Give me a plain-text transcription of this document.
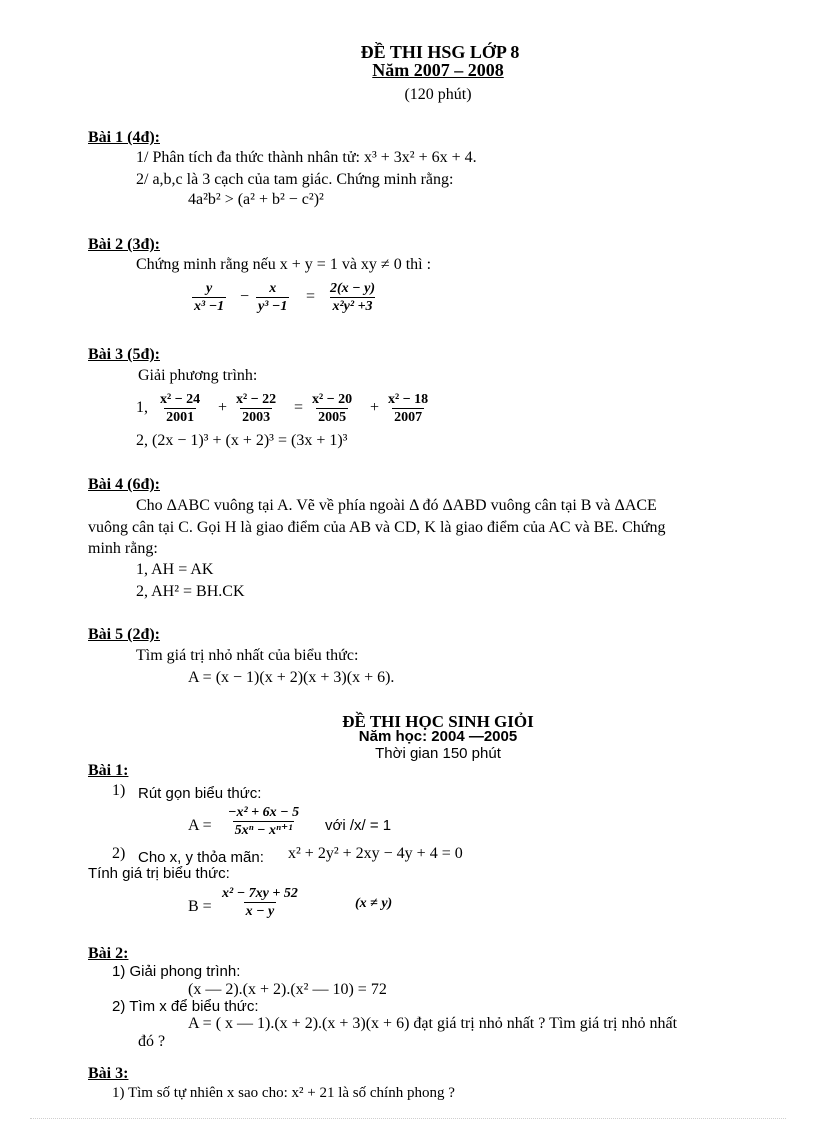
ĐỀ THI HSG LỚP 8
Năm 2007 – 2008
(120 phút)
Bài 1 (4đ):
1/ Phân tích đa thức thành nhân tử: x³ + 3x² + 6x + 4.
2/ a,b,c là 3 cạch của tam giác. Chứng minh rằng:
4a²b² > (a² + b² − c²)²
Bài 2 (3đ):
Chứng minh rằng nếu x + y = 1 và xy ≠ 0 thì :
$\frac{y}{\text{x³ −1}} - \frac{x}{\text{y³ −1}} = \frac{2(x - y)}{\text{x²y² +3}}$
Bài 3 (5đ):
Giải phương trình:
1, $\frac{\text{x² − 24}}{2001} + \frac{\text{x² − 22}}{2003} = \frac{\text{x² − 20}}{2005} + \frac{\text{x² − 18}}{2007}$
2, (2x − 1)³ + (x + 2)³ = (3x + 1)³
Bài 4 (6đ):
Cho ΔABC vuông tại A. Vẽ về phía ngoài Δ đó ΔABD vuông cân tại B và ΔACE
vuông cân tại C. Gọi H là giao điểm của AB và CD, K là giao điểm của AC và BE. Chứng
minh rằng:
1, AH = AK
2, AH² = BH.CK
Bài 5 (2đ):
Tìm giá trị nhỏ nhất của biểu thức:
A = (x − 1)(x + 2)(x + 3)(x + 6).
ĐỀ THI HỌC SINH GIỎI
Năm học: 2004 —2005
Thời gian 150 phút
Bài 1:
1) Rút gọn biểu thức:
$A = \frac{\text{−x² + 6x − 5}}{\text{5xⁿ − xⁿ⁺¹}}$ với /x/ = 1
2) Cho x, y thỏa mãn: x² + 2y² + 2xy − 4y + 4 = 0
Tính giá trị biểu thức:
$B = \frac{\text{x² − 7xy + 52}}{x - y}$	(x ≠ y)
Bài 2:
1) Giải phong trình:
(x — 2).(x + 2).(x² — 10) = 72
2) Tìm x để biểu thức:
A = ( x — 1).(x + 2).(x + 3)(x + 6) đạt giá trị nhỏ nhất ? Tìm giá trị nhỏ nhất
đó ?
Bài 3:
1) Tìm số tự nhiên x sao cho: x² + 21 là số chính phong ?
